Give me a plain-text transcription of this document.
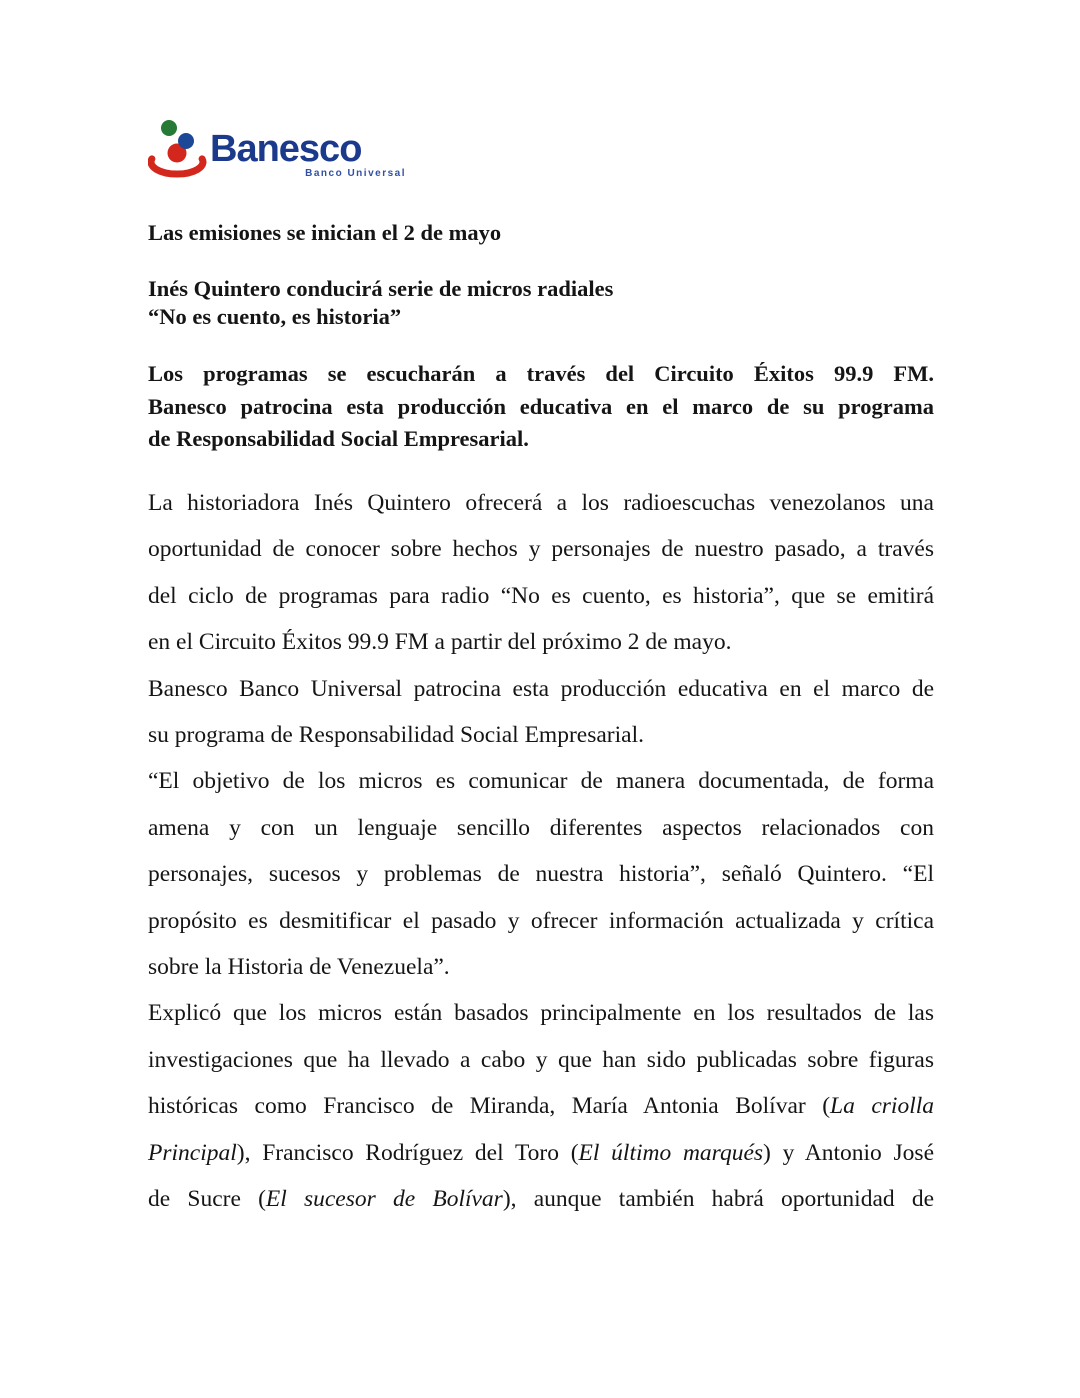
Banesco
Banco Universal
Las emisiones se inician el 2 de mayo
Inés Quintero conducirá serie de micros radiales
“No es cuento, es historia”
Los programas se escucharán a través del Circuito Éxitos 99.9 FM.
Banesco patrocina esta producción educativa en el marco de su programa
de Responsabilidad Social Empresarial.
La historiadora Inés Quintero ofrecerá a los radioescuchas venezolanos una
oportunidad de conocer sobre hechos y personajes de nuestro pasado, a través
del ciclo de programas para radio “No es cuento, es historia”, que se emitirá
en el Circuito Éxitos 99.9 FM a partir del próximo 2 de mayo.
Banesco Banco Universal patrocina esta producción educativa en el marco de
su programa de Responsabilidad Social Empresarial.
“El objetivo de los micros es comunicar de manera documentada, de forma
amena y con un lenguaje sencillo diferentes aspectos relacionados con
personajes, sucesos y problemas de nuestra historia”, señaló Quintero. “El
propósito es desmitificar el pasado y ofrecer información actualizada y crítica
sobre la Historia de Venezuela”.
Explicó que los micros están basados principalmente en los resultados de las
investigaciones que ha llevado a cabo y que han sido publicadas sobre figuras
históricas como Francisco de Miranda, María Antonia Bolívar (La criolla
Principal), Francisco Rodríguez del Toro (El último marqués) y Antonio José
de Sucre (El sucesor de Bolívar), aunque también habrá oportunidad de
